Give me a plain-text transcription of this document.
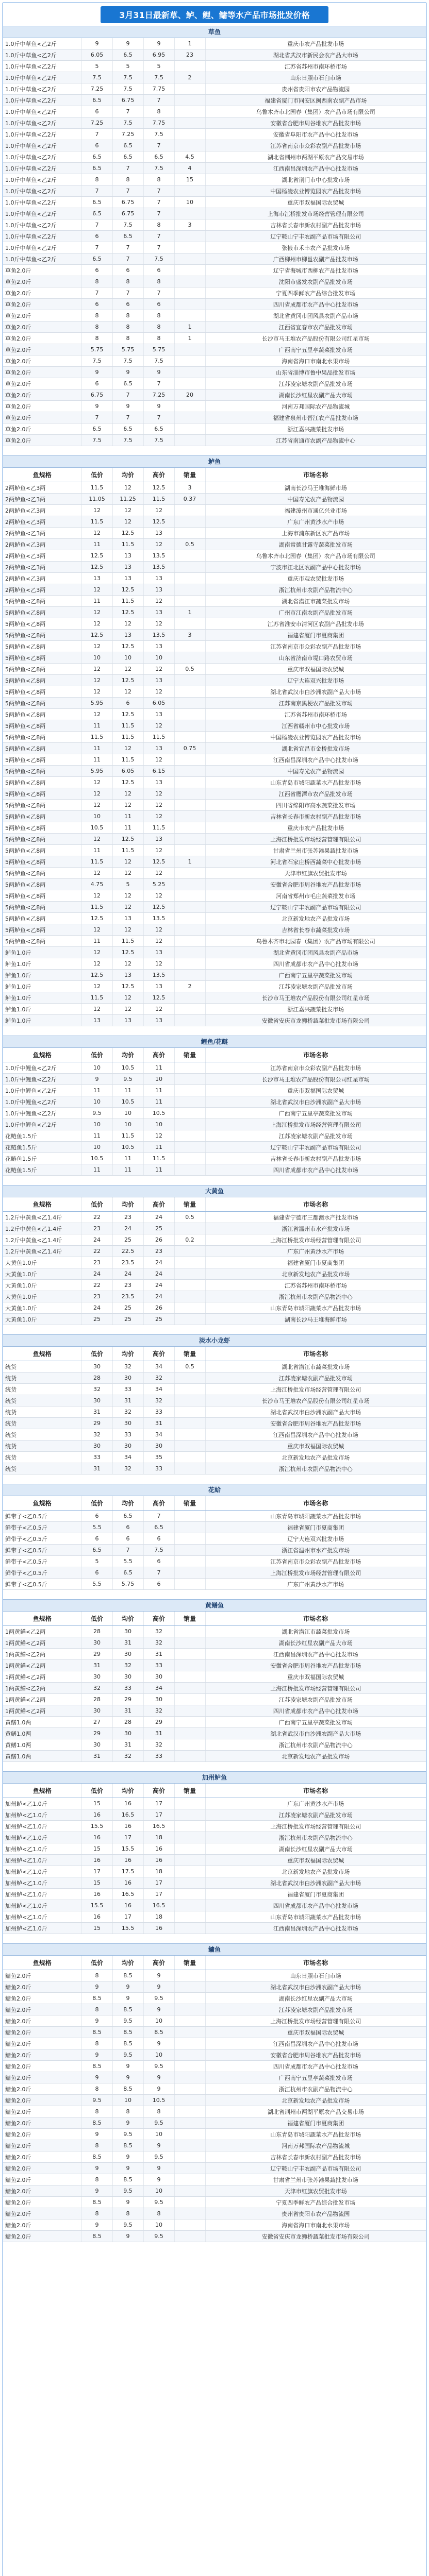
3月31日最新草、鲈、鲤、鳙等水产品市场批发价格
草鱼
1.0斤中草鱼<乙2斤	9	9	9	1	重庆市农产品批发市场
1.0斤中草鱼<乙2斤	6.05	6.5	6.95	23	湖北省武汉市新民会农产品大市场
1.0斤中草鱼<乙2斤	5	5	5		江苏省苏州市南环桥市场
1.0斤中草鱼<乙2斤	7.5	7.5	7.5	2	山东日照市石臼市场
1.0斤中草鱼<乙2斤	7.25	7.5	7.75		贵州省贵阳市农产品物流园
1.0斤中草鱼<乙2斤	6.5	6.75	7		福建省厦门市同安区闽西南农副产品市场
1.0斤中草鱼<乙2斤	6	7	8		乌鲁木齐市北园春（集团）农产品市场有限公司
1.0斤中草鱼<乙2斤	7.25	7.5	7.75		安徽省合肥市周谷堆农产品批发市场
1.0斤中草鱼<乙2斤	7	7.25	7.5		安徽省阜阳市农产品中心批发市场
1.0斤中草鱼<乙2斤	6	6.5	7		江苏省南京市众彩农副产品批发市场
1.0斤中草鱼<乙2斤	6.5	6.5	6.5	4.5	湖北省荆州市两湖平原农产品交易市场
1.0斤中草鱼<乙2斤	6.5	7	7.5	4	江西南昌深圳农产品中心批发市场
1.0斤中草鱼<乙2斤	8	8	8	15	湖北省荆门市中心批发市场
1.0斤中草鱼<乙2斤	7	7	7		中国杨凌农业博览园农产品批发市场
1.0斤中草鱼<乙2斤	6.5	6.75	7	10	重庆市双福国际农贸城
1.0斤中草鱼<乙2斤	6.5	6.75	7		上海市江桥批发市场经营管理有限公司
1.0斤中草鱼<乙2斤	7	7.5	8	3	吉林省长春市新农村副产品批发市场
1.0斤中草鱼<乙2斤	6	6.5	7		辽宁鞍山宁丰农副产品市场有限公司
1.0斤中草鱼<乙2斤	7	7	7		张掖市禾丰农产品批发市场
1.0斤中草鱼<乙2斤	6.5	7	7.5		广西柳州市柳邕农副产品批发市场
草鱼2.0斤	6	6	6		辽宁省海城市西柳农产品批发市场
草鱼2.0斤	8	8	8		沈阳市盛发农副产品批发市场
草鱼2.0斤	7	7	7		宁夏四季鲜农产品综合批发市场
草鱼2.0斤	6	6	6		四川省成都市农产品中心批发市场
草鱼2.0斤	8	8	8		湖北省黄冈市团风县农副产品市场
草鱼2.0斤	8	8	8	1	江西省宜春市农产品批发市场
草鱼2.0斤	8	8	8	1	长沙市马王堆农产品股份有限公司红星市场
草鱼2.0斤	5.75	5.75	5.75		广西南宁五里亭蔬菜批发市场
草鱼2.0斤	7.5	7.5	7.5		海南省海口市南北水果市场
草鱼2.0斤	9	9	9		山东省淄博市鲁中果品批发市场
草鱼2.0斤	6	6.5	7		江苏凌家塘农副产品批发市场
草鱼2.0斤	6.75	7	7.25	20	湖南长沙红星农副产品大市场
草鱼2.0斤	9	9	9		河南万邦国际农产品物流城
草鱼2.0斤	7	7	7		福建省泉州市晋江农产品批发市场
草鱼2.0斤	6.5	6.5	6.5		浙江嘉兴蔬菜批发市场
草鱼2.0斤	7.5	7.5	7.5		江苏省南通市农副产品物流中心
鲈鱼
鱼规格	低价	均价	高价	销量	市场名称
2两鲈鱼<乙3两	11.5	12	12.5	3	湖南长沙马王堆海鲜市场
2两鲈鱼<乙3两	11.05	11.25	11.5	0.37	中国寿光农产品物流园
2两鲈鱼<乙3两	12	12	12		福建漳州市通亿兴业市场
2两鲈鱼<乙3两	11.5	12	12.5		广东广州黄沙水产市场
2两鲈鱼<乙3两	12	12.5	13		上海市浦东新区农产品市场
2两鲈鱼<乙3两	11	11.5	12	0.5	湖南常德甘露寺蔬菜批发市场
2两鲈鱼<乙3两	12.5	13	13.5		乌鲁木齐市北园春（集团）农产品市场有限公司
2两鲈鱼<乙3两	12.5	13	13.5		宁波市江北区农副产品中心批发市场
2两鲈鱼<乙3两	13	13	13		重庆市观农贸批发市场
2两鲈鱼<乙3两	12	12.5	13		浙江杭州市农副产品物流中心
5两鲈鱼<乙8两	11	11.5	12		湖北省潜江市蔬菜批发市场
5两鲈鱼<乙8两	12	12.5	13	1	广州市江南农副产品批发市场
5两鲈鱼<乙8两	12	12	12		江苏省淮安市清河区农副产品批发市场
5两鲈鱼<乙8两	12.5	13	13.5	3	福建省厦门市夏商集团
5两鲈鱼<乙8两	12	12.5	13		江苏省南京市众彩农副产品批发市场
5两鲈鱼<乙8两	10	10	10		山东省济南市堤口路农贸市场
5两鲈鱼<乙8两	12	12	12	0.5	重庆市双福国际农贸城
5两鲈鱼<乙8两	12	12.5	13		辽宁大连双兴批发市场
5两鲈鱼<乙8两	12	12	12		湖北省武汉市白沙洲农副产品大市场
5两鲈鱼<乙8两	5.95	6	6.05		江苏南京黑梗农产品批发市场
5两鲈鱼<乙8两	12	12.5	13		江苏省苏州市南环桥市场
5两鲈鱼<乙8两	11	11.5	12		江西省赣州市中心批发市场
5两鲈鱼<乙8两	11.5	11.5	11.5		中国杨凌农业博览园农产品批发市场
5两鲈鱼<乙8两	11	12	13	0.75	湖北省宜昌市金桥批发市场
5两鲈鱼<乙8两	11	11.5	12		江西南昌深圳农产品中心批发市场
5两鲈鱼<乙8两	5.95	6.05	6.15		中国寿光农产品物流园
5两鲈鱼<乙8两	12	12.5	13		山东青岛市城阳蔬菜水产品批发市场
5两鲈鱼<乙8两	12	12	12		江西省鹰潭市农产品批发市场
5两鲈鱼<乙8两	12	12	12		四川省绵阳市高水蔬菜批发市场
5两鲈鱼<乙8两	10	11	12		吉林省长春市新农村副产品批发市场
5两鲈鱼<乙8两	10.5	11	11.5		重庆市农产品批发市场
5两鲈鱼<乙8两	12	12.5	13		上海江桥批发市场经营管理有限公司
5两鲈鱼<乙8两	11	11.5	12		甘肃省兰州市张苏滩果蔬批发市场
5两鲈鱼<乙8两	11.5	12	12.5	1	河北省石家庄桥西蔬菜中心批发市场
5两鲈鱼<乙8两	12	12	12		天津市红旗农贸批发市场
5两鲈鱼<乙8两	4.75	5	5.25		安徽省合肥市周谷堆农产品批发市场
5两鲈鱼<乙8两	12	12	12		河南省郑州市毛庄蔬菜批发市场
5两鲈鱼<乙8两	11.5	12	12.5		辽宁鞍山宁丰农副产品市场有限公司
5两鲈鱼<乙8两	12.5	13	13.5		北京新发地农产品批发市场
5两鲈鱼<乙8两	12	12	12		吉林省长春市蔬菜批发市场
5两鲈鱼<乙8两	11	11.5	12		乌鲁木齐市北园春（集团）农产品市场有限公司
鲈鱼1.0斤	12	12.5	13		湖北省黄冈市团风县农副产品市场
鲈鱼1.0斤	12	12	12		四川省成都市农产品中心批发市场
鲈鱼1.0斤	12.5	13	13.5		广西南宁五里亭蔬菜批发市场
鲈鱼1.0斤	12	12.5	13	2	江苏凌家塘农副产品批发市场
鲈鱼1.0斤	11.5	12	12.5		长沙市马王堆农产品股份有限公司红星市场
鲈鱼1.0斤	12	12	12		浙江嘉兴蔬菜批发市场
鲈鱼1.0斤	13	13	13		安徽省安庆市龙狮桥蔬菜批发市场有限公司
鲤鱼/花鲢
鱼规格	低价	均价	高价	销量	市场名称
1.0斤中鲤鱼<乙2斤	10	10.5	11		江苏省南京市众彩农副产品批发市场
1.0斤中鲤鱼<乙2斤	9	9.5	10		长沙市马王堆农产品股份有限公司红星市场
1.0斤中鲤鱼<乙2斤	11	11	11		重庆市双福国际农贸城
1.0斤中鲤鱼<乙2斤	10	10.5	11		湖北省武汉市白沙洲农副产品大市场
1.0斤中鲤鱼<乙2斤	9.5	10	10.5		广西南宁五里亭蔬菜批发市场
1.0斤中鲤鱼<乙2斤	10	10	10		上海江桥批发市场经营管理有限公司
花鲢鱼1.5斤	11	11.5	12		江苏凌家塘农副产品批发市场
花鲢鱼1.5斤	10	10.5	11		辽宁鞍山宁丰农副产品市场有限公司
花鲢鱼1.5斤	10.5	11	11.5		吉林省长春市新农村副产品批发市场
花鲢鱼1.5斤	11	11	11		四川省成都市农产品中心批发市场
大黄鱼
鱼规格	低价	均价	高价	销量	市场名称
1.2斤中黄鱼<乙1.4斤	22	23	24	0.5	福建省宁德市三都澳水产批发市场
1.2斤中黄鱼<乙1.4斤	23	24	25		浙江省温州市水产批发市场
1.2斤中黄鱼<乙1.4斤	24	25	26	0.2	上海江桥批发市场经营管理有限公司
1.2斤中黄鱼<乙1.4斤	22	22.5	23		广东广州黄沙水产市场
大黄鱼1.0斤	23	23.5	24		福建省厦门市夏商集团
大黄鱼1.0斤	24	24	24		北京新发地农产品批发市场
大黄鱼1.0斤	22	23	24		江苏省苏州市南环桥市场
大黄鱼1.0斤	23	23.5	24		浙江杭州市农副产品物流中心
大黄鱼1.0斤	24	25	26		山东青岛市城阳蔬菜水产品批发市场
大黄鱼1.0斤	25	25	25		湖南长沙马王堆海鲜市场
淡水小龙虾
鱼规格	低价	均价	高价	销量	市场名称
统货	30	32	34	0.5	湖北省潜江市蔬菜批发市场
统货	28	30	32		江苏凌家塘农副产品批发市场
统货	32	33	34		上海江桥批发市场经营管理有限公司
统货	30	31	32		长沙市马王堆农产品股份有限公司红星市场
统货	31	32	33		湖北省武汉市白沙洲农副产品大市场
统货	29	30	31		安徽省合肥市周谷堆农产品批发市场
统货	32	33	34		江西南昌深圳农产品中心批发市场
统货	30	30	30		重庆市双福国际农贸城
统货	33	34	35		北京新发地农产品批发市场
统货	31	32	33		浙江杭州市农副产品物流中心
花蛤
鱼规格	低价	均价	高价	销量	市场名称
鲜带子<乙0.5斤	6	6.5	7		山东青岛市城阳蔬菜水产品批发市场
鲜带子<乙0.5斤	5.5	6	6.5		福建省厦门市夏商集团
鲜带子<乙0.5斤	6	6	6		辽宁大连双兴批发市场
鲜带子<乙0.5斤	6.5	7	7.5		浙江省温州市水产批发市场
鲜带子<乙0.5斤	5	5.5	6		江苏省南京市众彩农副产品批发市场
鲜带子<乙0.5斤	6	6.5	7		上海江桥批发市场经营管理有限公司
鲜带子<乙0.5斤	5.5	5.75	6		广东广州黄沙水产市场
黄鳝鱼
鱼规格	低价	均价	高价	销量	市场名称
1两黄鳝<乙2两	28	30	32		湖北省潜江市蔬菜批发市场
1两黄鳝<乙2两	30	31	32		湖南长沙红星农副产品大市场
1两黄鳝<乙2两	29	30	31		江西南昌深圳农产品中心批发市场
1两黄鳝<乙2两	31	32	33		安徽省合肥市周谷堆农产品批发市场
1两黄鳝<乙2两	30	30	30		重庆市双福国际农贸城
1两黄鳝<乙2两	32	33	34		上海江桥批发市场经营管理有限公司
1两黄鳝<乙2两	28	29	30		江苏凌家塘农副产品批发市场
1两黄鳝<乙2两	30	31	32		四川省成都市农产品中心批发市场
黄鳝1.0两	27	28	29		广西南宁五里亭蔬菜批发市场
黄鳝1.0两	29	30	31		湖北省武汉市白沙洲农副产品大市场
黄鳝1.0两	30	31	32		浙江杭州市农副产品物流中心
黄鳝1.0两	31	32	33		北京新发地农产品批发市场
加州鲈鱼
鱼规格	低价	均价	高价	销量	市场名称
加州鲈<乙1.0斤	15	16	17		广东广州黄沙水产市场
加州鲈<乙1.0斤	16	16.5	17		江苏凌家塘农副产品批发市场
加州鲈<乙1.0斤	15.5	16	16.5		上海江桥批发市场经营管理有限公司
加州鲈<乙1.0斤	16	17	18		浙江杭州市农副产品物流中心
加州鲈<乙1.0斤	15	15.5	16		湖南长沙红星农副产品大市场
加州鲈<乙1.0斤	16	16	16		重庆市双福国际农贸城
加州鲈<乙1.0斤	17	17.5	18		北京新发地农产品批发市场
加州鲈<乙1.0斤	15	16	17		湖北省武汉市白沙洲农副产品大市场
加州鲈<乙1.0斤	16	16.5	17		福建省厦门市夏商集团
加州鲈<乙1.0斤	15.5	16	16.5		四川省成都市农产品中心批发市场
加州鲈<乙1.0斤	16	17	18		山东青岛市城阳蔬菜水产品批发市场
加州鲈<乙1.0斤	15	15.5	16		江西南昌深圳农产品中心批发市场
鳙鱼
鱼规格	低价	均价	高价	销量	市场名称
鳙鱼2.0斤	8	8.5	9		山东日照市石臼市场
鳙鱼2.0斤	9	9	9		湖北省武汉市白沙洲农副产品大市场
鳙鱼2.0斤	8.5	9	9.5		湖南长沙红星农副产品大市场
鳙鱼2.0斤	8	8.5	9		江苏凌家塘农副产品批发市场
鳙鱼2.0斤	9	9.5	10		上海江桥批发市场经营管理有限公司
鳙鱼2.0斤	8.5	8.5	8.5		重庆市双福国际农贸城
鳙鱼2.0斤	8	8.5	9		江西南昌深圳农产品中心批发市场
鳙鱼2.0斤	9	9.5	10		安徽省合肥市周谷堆农产品批发市场
鳙鱼2.0斤	8.5	9	9.5		四川省成都市农产品中心批发市场
鳙鱼2.0斤	9	9	9		广西南宁五里亭蔬菜批发市场
鳙鱼2.0斤	8	8.5	9		浙江杭州市农副产品物流中心
鳙鱼2.0斤	9.5	10	10.5		北京新发地农产品批发市场
鳙鱼2.0斤	8	8	8		湖北省荆州市两湖平原农产品交易市场
鳙鱼2.0斤	8.5	9	9.5		福建省厦门市夏商集团
鳙鱼2.0斤	9	9.5	10		山东青岛市城阳蔬菜水产品批发市场
鳙鱼2.0斤	8	8.5	9		河南万邦国际农产品物流城
鳙鱼2.0斤	8.5	9	9.5		吉林省长春市新农村副产品批发市场
鳙鱼2.0斤	9	9	9		辽宁鞍山宁丰农副产品市场有限公司
鳙鱼2.0斤	8	8.5	9		甘肃省兰州市张苏滩果蔬批发市场
鳙鱼2.0斤	9	9.5	10		天津市红旗农贸批发市场
鳙鱼2.0斤	8.5	9	9.5		宁夏四季鲜农产品综合批发市场
鳙鱼2.0斤	8	8	8		贵州省贵阳市农产品物流园
鳙鱼2.0斤	9	9.5	10		海南省海口市南北水果市场
鳙鱼2.0斤	8.5	9	9.5		安徽省安庆市龙狮桥蔬菜批发市场有限公司
